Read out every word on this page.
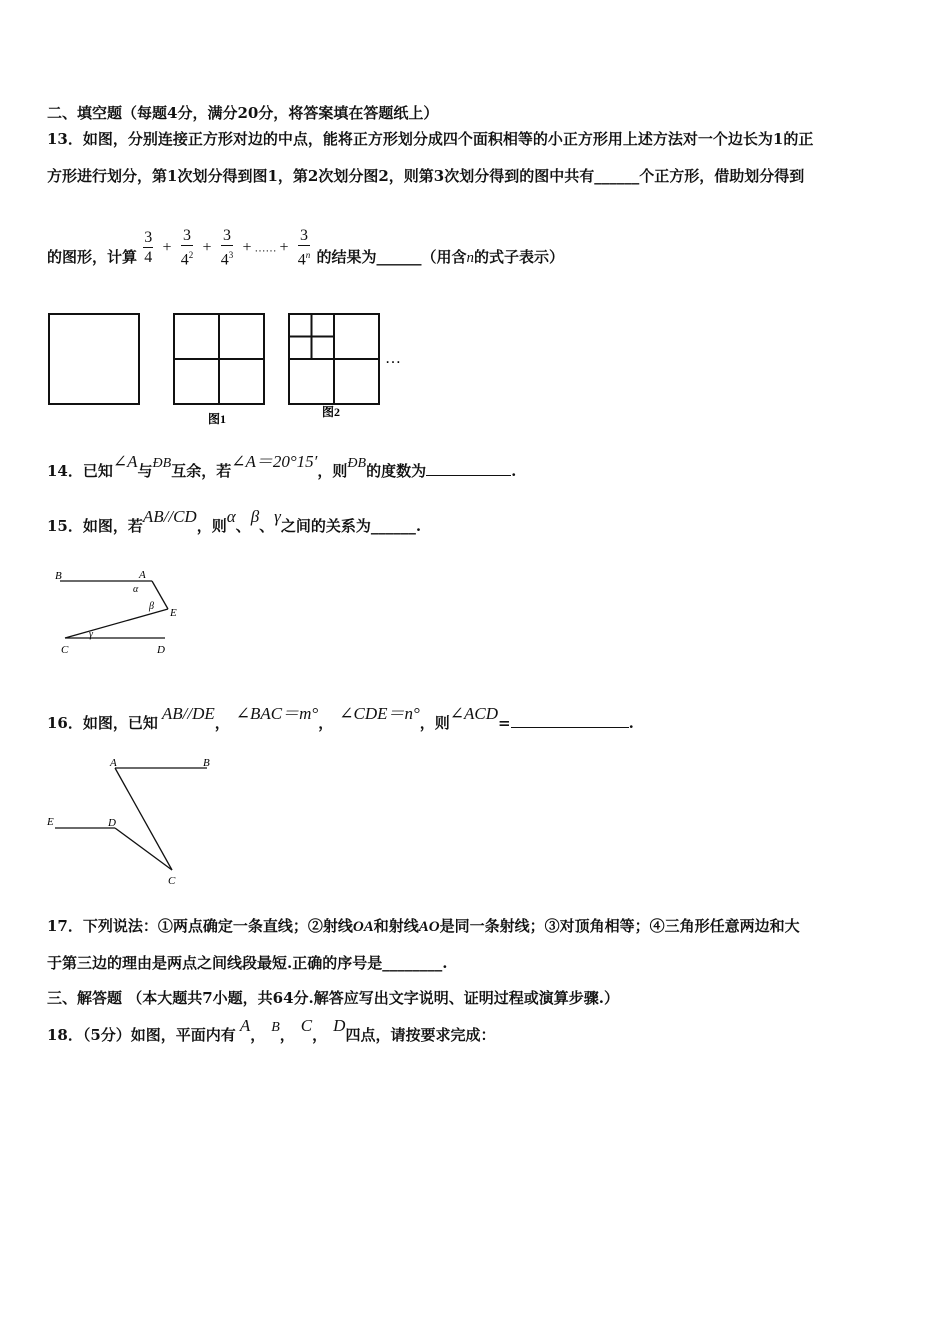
二、填空题（每题4分，满分20分，将答案填在答题纸上）
13．如图，分别连接正方形对边的中点，能将正方形划分成四个面积相等的小正方形用上述方法对一个边长为1的正
方形进行划分，第1次划分得到图1，第2次划分图2，则第3次划分得到的图中共有______个正方形，借助划分得到
的图形，计算 $\frac{3}{4} + \frac{3}{4^2} + \frac{3}{4^3}$ + …… + $\frac{3}{4^n}$ 的结果为______（用含n的式子表示）
…
图1	图2
14．已知∠A与ÐB互余，若∠A＝20°15′，则ÐB的度数为	.
15．如图，若AB//CD，则α、β、γ之间的关系为______.
B	A
E
C	D
α
β
γ
16．如图，已知 AB//DE， ∠BAC＝m°， ∠CDE＝n°，则∠ACD=	.
A	B
E	D
C
17．下列说法：①两点确定一条直线；②射线OA和射线AO是同一条射线；③对顶角相等；④三角形任意两边和大
于第三边的理由是两点之间线段最短.正确的序号是________.
三、解答题 （本大题共7小题，共64分.解答应写出文字说明、证明过程或演算步骤.）
18．（5分）如图，平面内有 A， B， C， D四点，请按要求完成：
